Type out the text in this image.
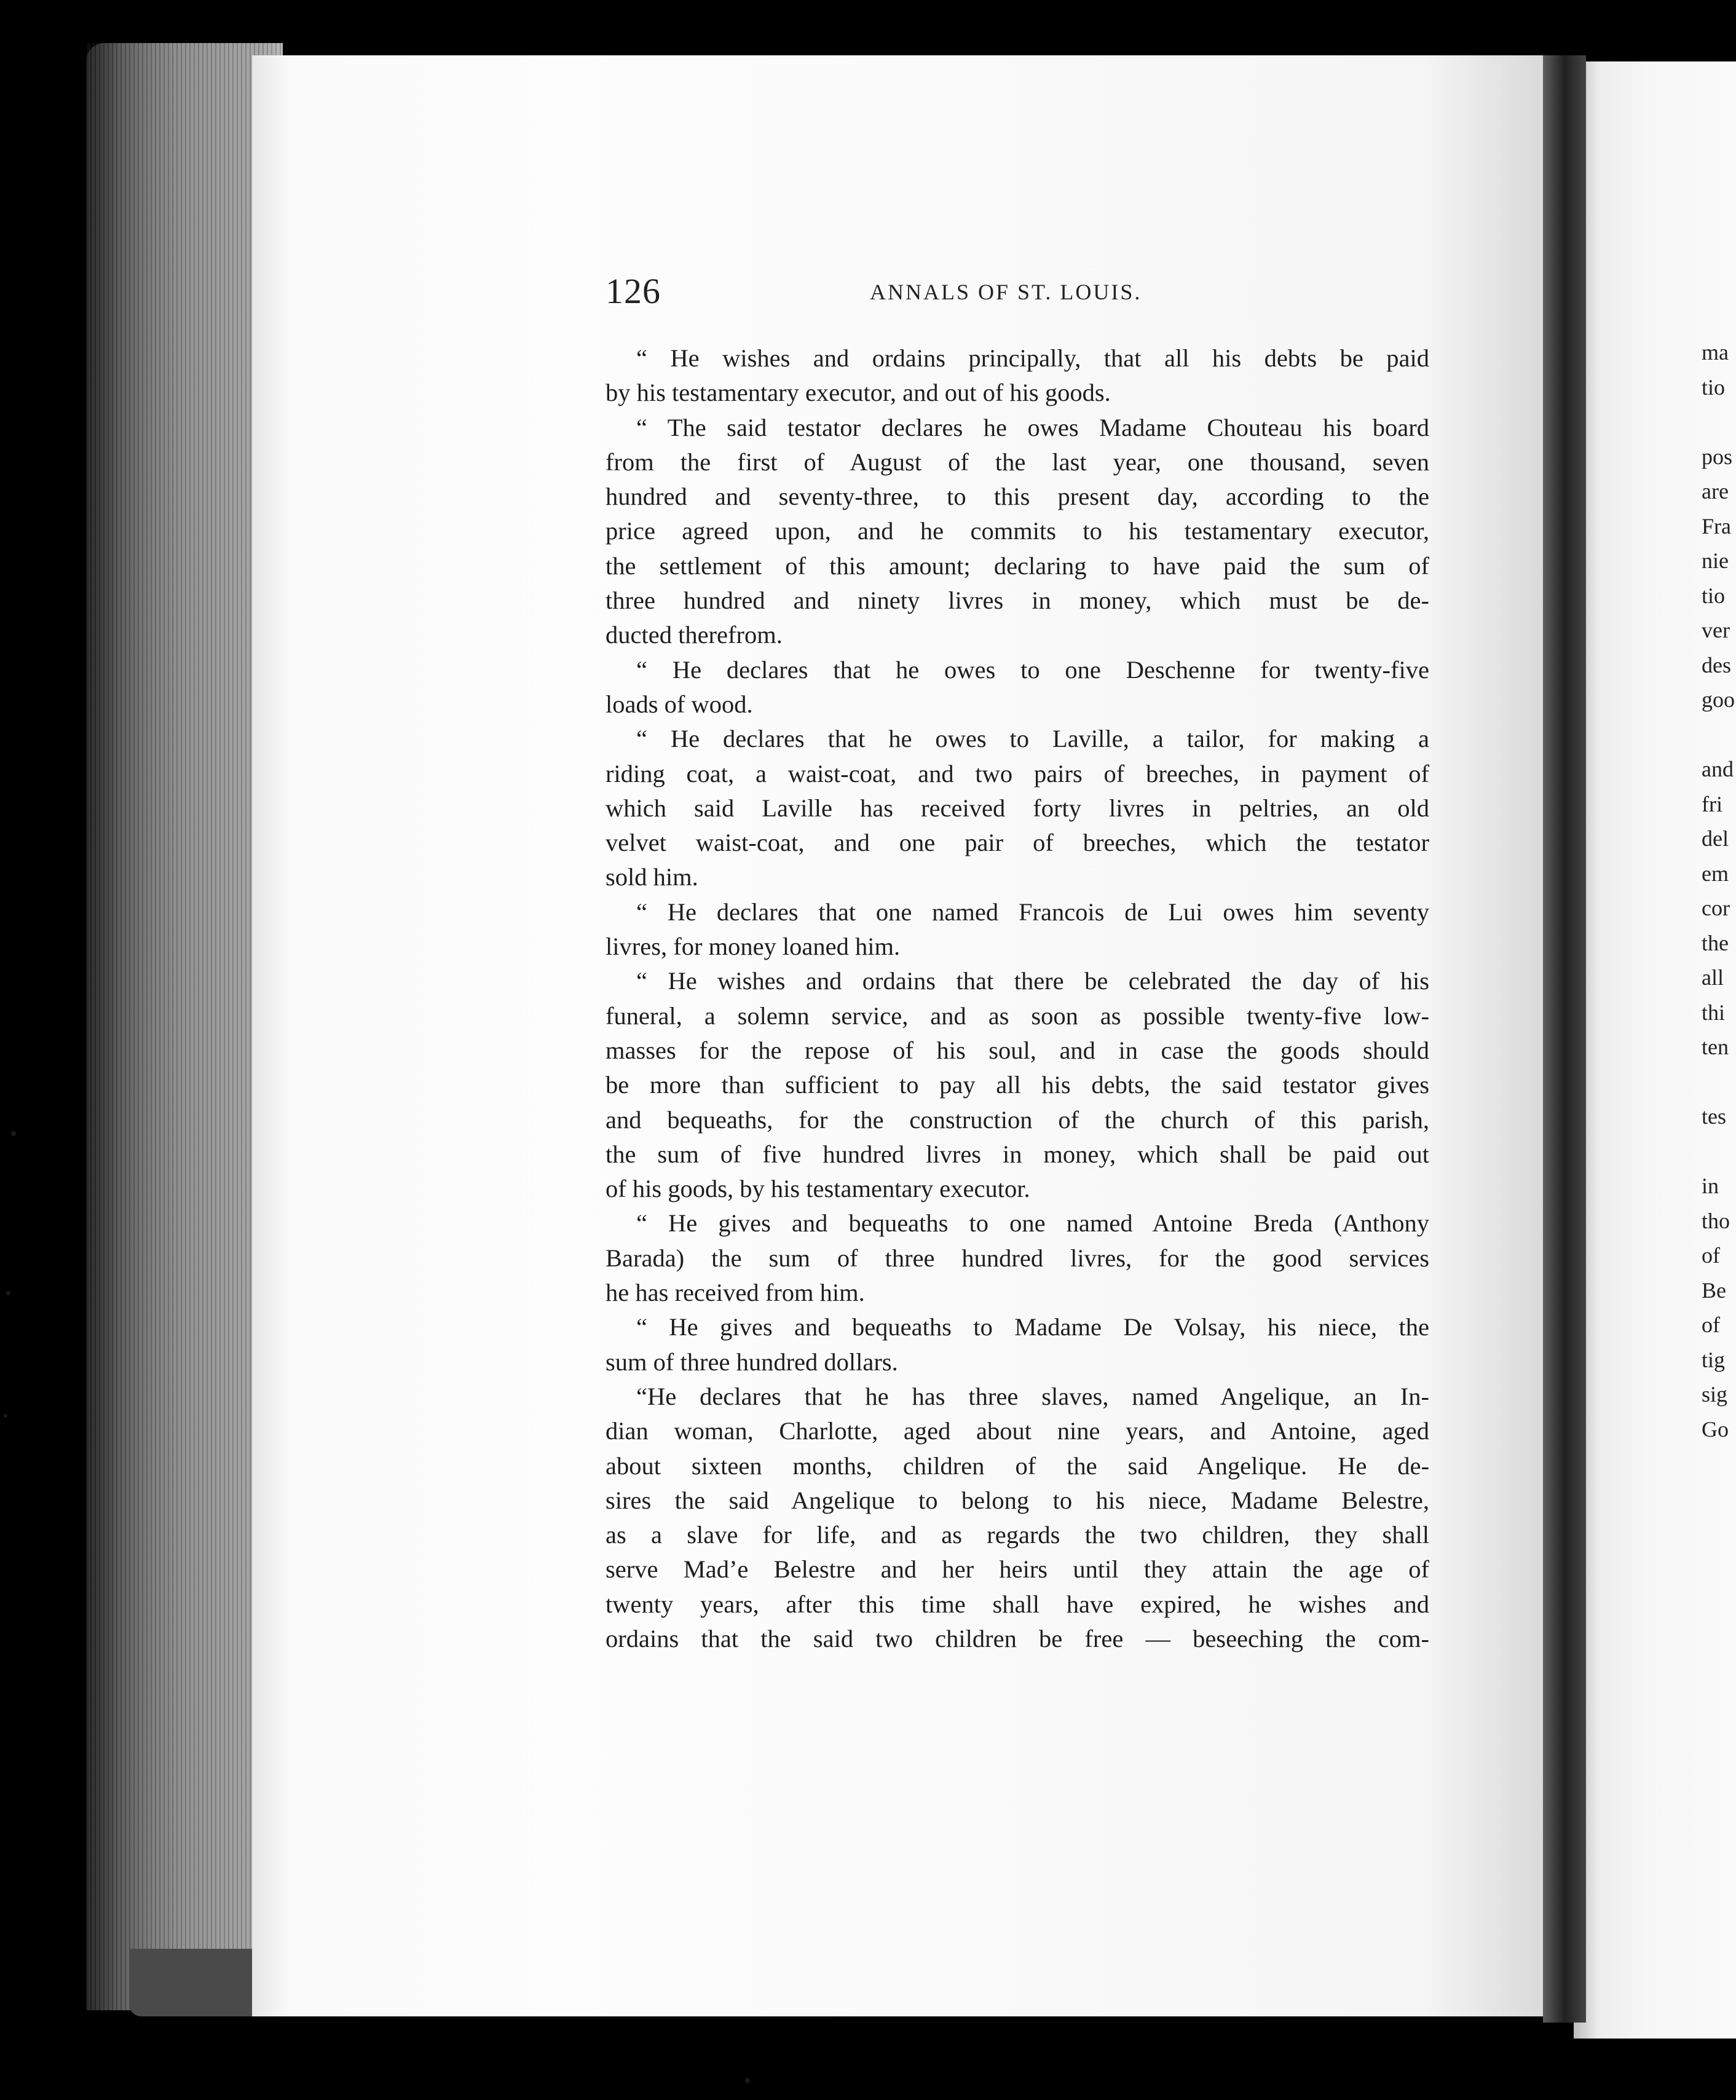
126	ANNALS OF ST. LOUIS.
“ He wishes and ordains principally, that all his debts be paid
by his testamentary executor, and out of his goods.
“ The said testator declares he owes Madame Chouteau his board
from the first of August of the last year, one thousand, seven
hundred and seventy-three, to this present day, according to the
price agreed upon, and he commits to his testamentary executor,
the settlement of this amount; declaring to have paid the sum of
three hundred and ninety livres in money, which must be de-
ducted therefrom.
“ He declares that he owes to one Deschenne for twenty-five
loads of wood.
“ He declares that he owes to Laville, a tailor, for making a
riding coat, a waist-coat, and two pairs of breeches, in payment of
which said Laville has received forty livres in peltries, an old
velvet waist-coat, and one pair of breeches, which the testator
sold him.
“ He declares that one named Francois de Lui owes him seventy
livres, for money loaned him.
“ He wishes and ordains that there be celebrated the day of his
funeral, a solemn service, and as soon as possible twenty-five low-
masses for the repose of his soul, and in case the goods should
be more than sufficient to pay all his debts, the said testator gives
and bequeaths, for the construction of the church of this parish,
the sum of five hundred livres in money, which shall be paid out
of his goods, by his testamentary executor.
“ He gives and bequeaths to one named Antoine Breda (Anthony
Barada) the sum of three hundred livres, for the good services
he has received from him.
“ He gives and bequeaths to Madame De Volsay, his niece, the
sum of three hundred dollars.
“He declares that he has three slaves, named Angelique, an In-
dian woman, Charlotte, aged about nine years, and Antoine, aged
about sixteen months, children of the said Angelique. He de-
sires the said Angelique to belong to his niece, Madame Belestre,
as a slave for life, and as regards the two children, they shall
serve Mad’e Belestre and her heirs until they attain the age of
twenty years, after this time shall have expired, he wishes and
ordains that the said two children be free — beseeching the com-
ma
tio
pos
are
Fra
nie
tio
ver
des
goo
and
fri
del
em
cor
the
all
thi
ten
tes
in
tho
of
Be
of
tig
sig
Go
